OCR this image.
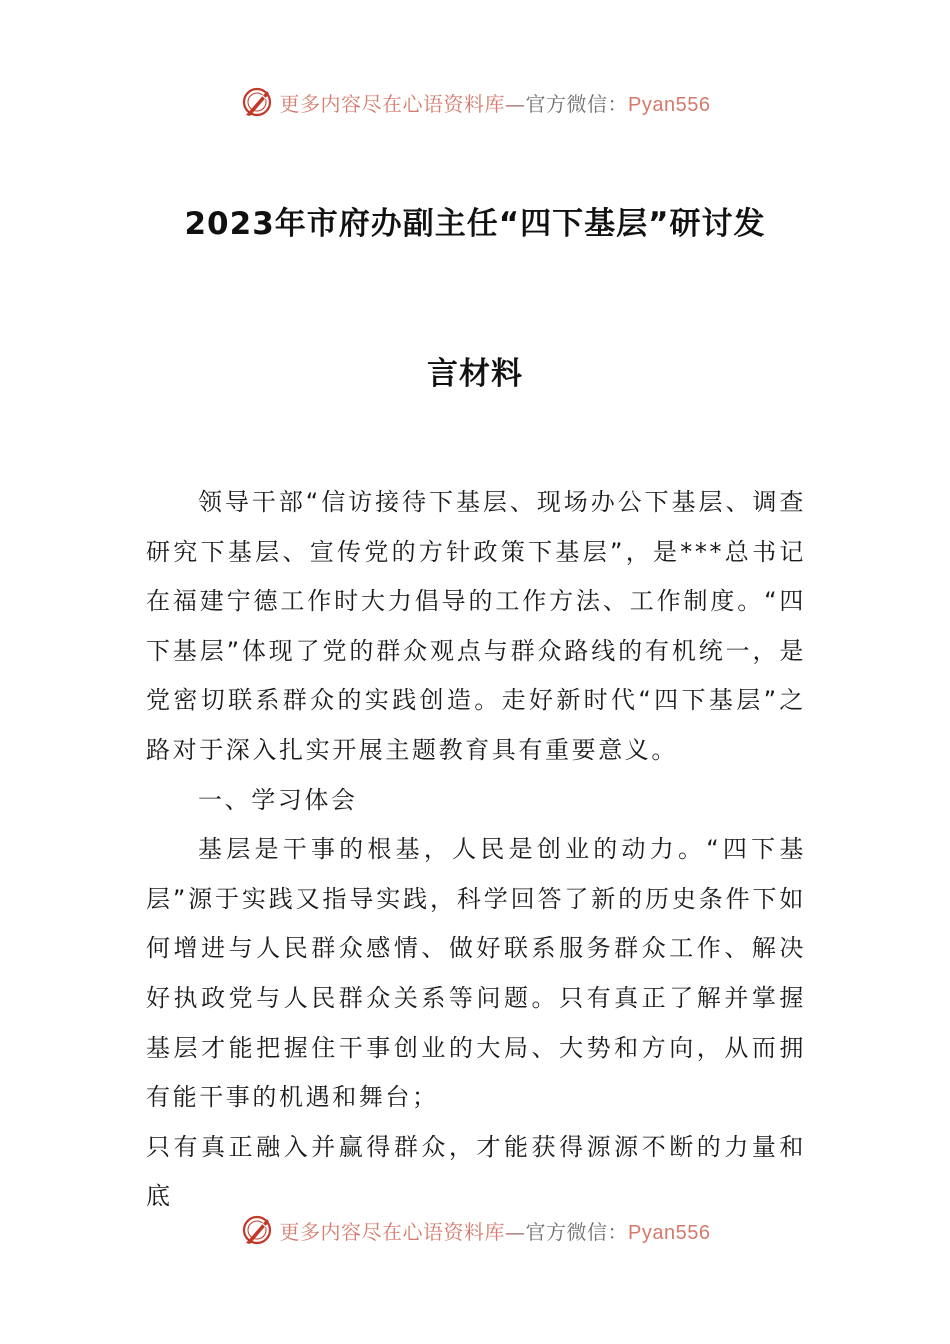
更多内容尽在心语资料库—官方微信：Pyan556
2023年市府办副主任“四下基层”研讨发
言材料

领导干部“信访接待下基层、现场办公下基层、调查研究下基层、宣传党的方针政策下基层”，是***总书记在福建宁德工作时大力倡导的工作方法、工作制度。“四下基层”体现了党的群众观点与群众路线的有机统一，是党密切联系群众的实践创造。走好新时代“四下基层”之路对于深入扎实开展主题教育具有重要意义。

一、学习体会

基层是干事的根基，人民是创业的动力。“四下基层”源于实践又指导实践，科学回答了新的历史条件下如何增进与人民群众感情、做好联系服务群众工作、解决好执政党与人民群众关系等问题。只有真正了解并掌握基层才能把握住干事创业的大局、大势和方向，从而拥有能干事的机遇和舞台；

只有真正融入并赢得群众，才能获得源源不断的力量和底

更多内容尽在心语资料库—官方微信：Pyan556
